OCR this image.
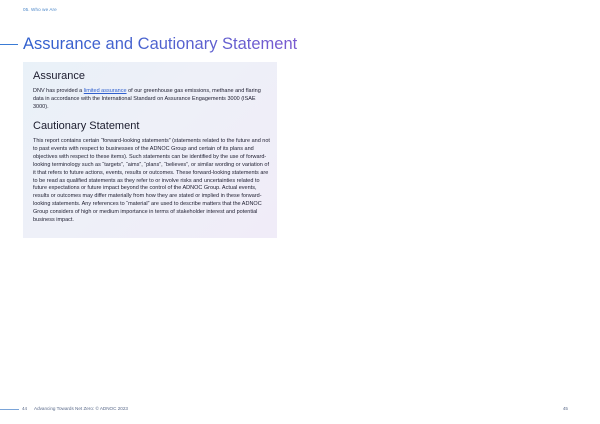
05. Who we Are
Assurance and Cautionary Statement
Assurance

DNV has provided a limited assurance of our greenhouse gas emissions, methane and flaring data in accordance with the International Standard on Assurance Engagements 3000 (ISAE 3000).

Cautionary Statement

This report contains certain “forward-looking statements” (statements related to the future and not to past events with respect to businesses of the ADNOC Group and certain of its plans and objectives with respect to these items). Such statements can be identified by the use of forward-looking terminology such as “targets”, “aims”, “plans”, “believes”, or similar wording or variation of it that refers to future actions, events, results or outcomes. These forward-looking statements are to be read as qualified statements as they refer to or involve risks and uncertainties related to future expectations or future impact beyond the control of the ADNOC Group. Actual events, results or outcomes may differ materially from how they are stated or implied in these forward-looking statements. Any references to “material” are used to describe matters that the ADNOC Group considers of high or medium importance in terms of stakeholder interest and potential business impact.

44 Advancing Towards Net Zero: © ADNOC 2023	45
